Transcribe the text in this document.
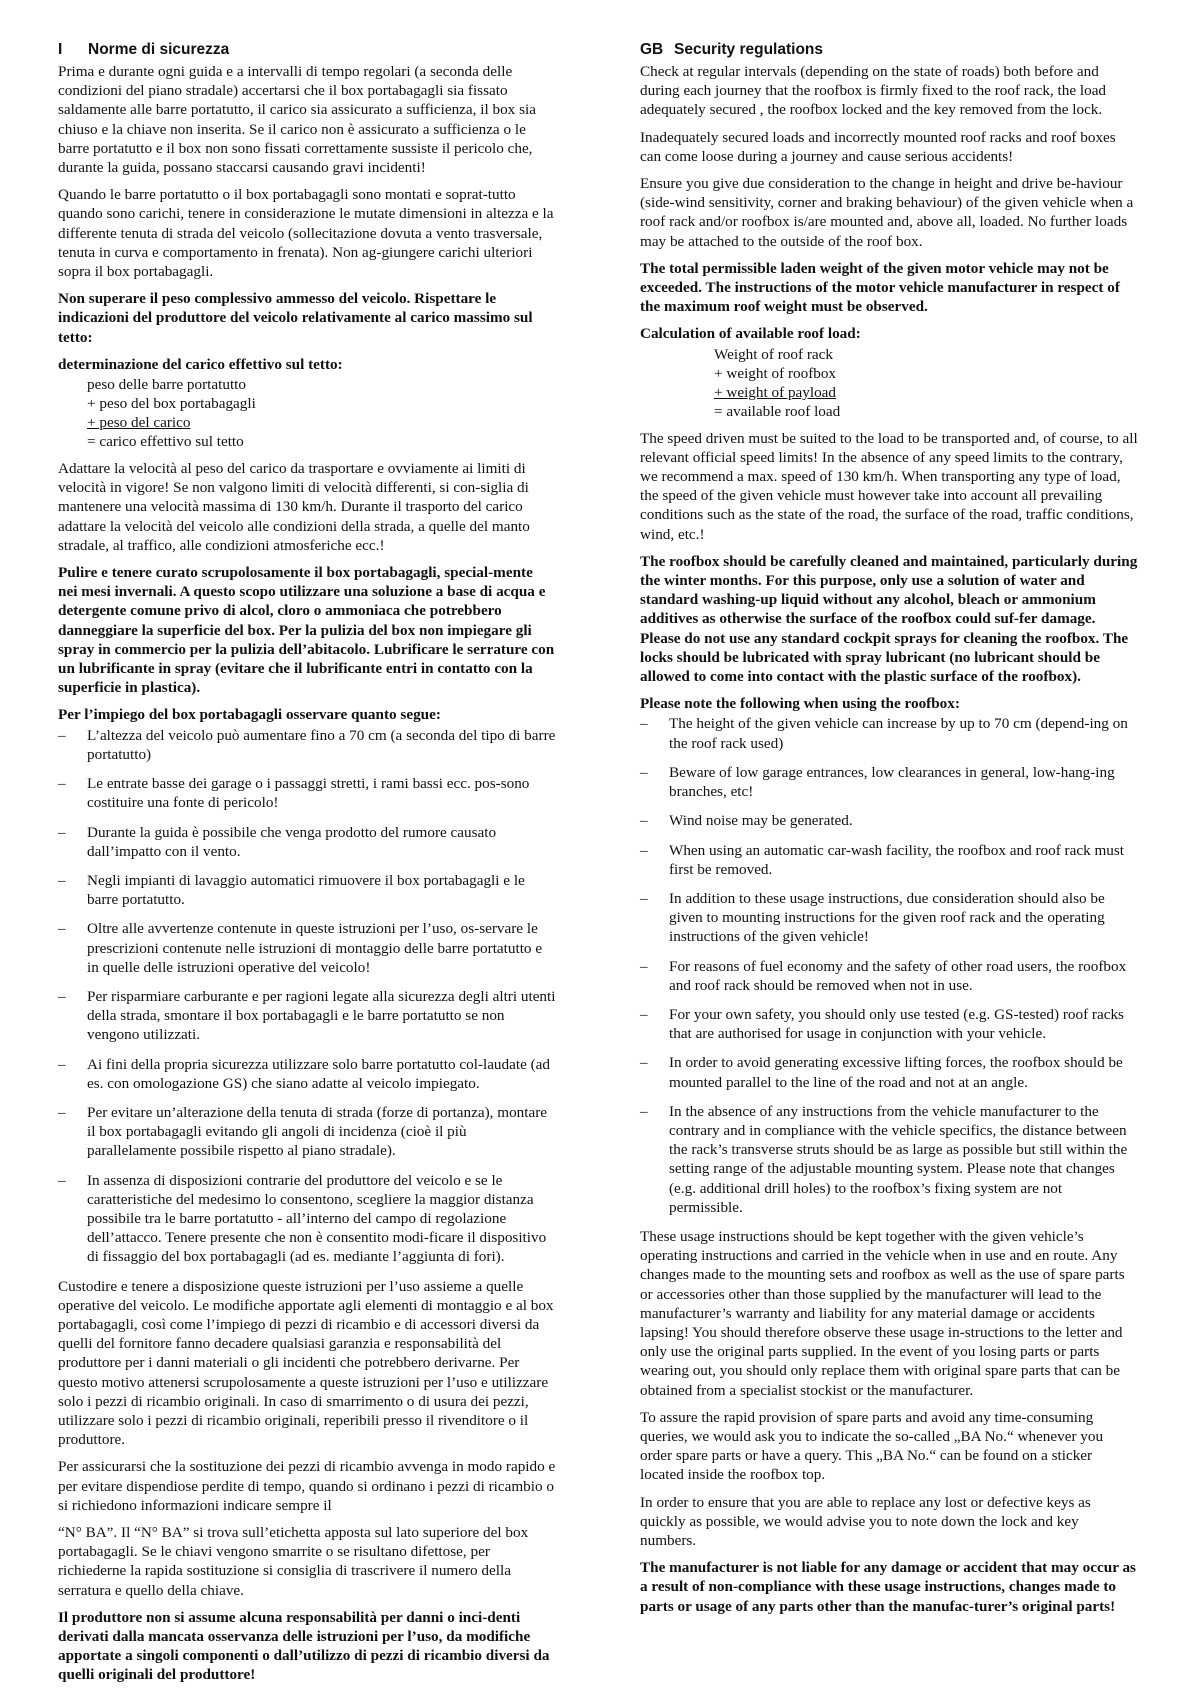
I Norme di sicurezza

Prima e durante ogni guida e a intervalli di tempo regolari (a seconda delle condizioni del piano stradale) accertarsi che il box portabagagli sia fissato saldamente alle barre portatutto, il carico sia assicurato a sufficienza, il box sia chiuso e la chiave non inserita. Se il carico non è assicurato a sufficienza o le barre portatutto e il box non sono fissati correttamente sussiste il pericolo che, durante la guida, possano staccarsi causando gravi incidenti!

Quando le barre portatutto o il box portabagagli sono montati e soprat-tutto quando sono carichi, tenere in considerazione le mutate dimensioni in altezza e la differente tenuta di strada del veicolo (sollecitazione dovuta a vento trasversale, tenuta in curva e comportamento in frenata). Non ag-giungere carichi ulteriori sopra il box portabagagli.

Non superare il peso complessivo ammesso del veicolo. Rispettare le indicazioni del produttore del veicolo relativamente al carico massimo sul tetto:

determinazione del carico effettivo sul tetto:

peso delle barre portatutto
+ peso del box portabagagli
+ peso del carico
= carico effettivo sul tetto

Adattare la velocità al peso del carico da trasportare e ovviamente ai limiti di velocità in vigore! Se non valgono limiti di velocità differenti, si con-siglia di mantenere una velocità massima di 130 km/h. Durante il trasporto del carico adattare la velocità del veicolo alle condizioni della strada, a quelle del manto stradale, al traffico, alle condizioni atmosferiche ecc.!

Pulire e tenere curato scrupolosamente il box portabagagli, special-mente nei mesi invernali. A questo scopo utilizzare una soluzione a base di acqua e detergente comune privo di alcol, cloro o ammoniaca che potrebbero danneggiare la superficie del box. Per la pulizia del box non impiegare gli spray in commercio per la pulizia dell’abitacolo. Lubrificare le serrature con un lubrificante in spray (evitare che il lubrificante entri in contatto con la superficie in plastica).

Per l’impiego del box portabagagli osservare quanto segue:

– L’altezza del veicolo può aumentare fino a 70 cm (a seconda del tipo di barre portatutto)
– Le entrate basse dei garage o i passaggi stretti, i rami bassi ecc. pos-sono costituire una fonte di pericolo!
– Durante la guida è possibile che venga prodotto del rumore causato dall’impatto con il vento.
– Negli impianti di lavaggio automatici rimuovere il box portabagagli e le barre portatutto.
– Oltre alle avvertenze contenute in queste istruzioni per l’uso, os-servare le prescrizioni contenute nelle istruzioni di montaggio delle barre portatutto e in quelle delle istruzioni operative del veicolo!
– Per risparmiare carburante e per ragioni legate alla sicurezza degli altri utenti della strada, smontare il box portabagagli e le barre portatutto se non vengono utilizzati.
– Ai fini della propria sicurezza utilizzare solo barre portatutto col-laudate (ad es. con omologazione GS) che siano adatte al veicolo impiegato.
– Per evitare un’alterazione della tenuta di strada (forze di portanza), montare il box portabagagli evitando gli angoli di incidenza (cioè il più parallelamente possibile rispetto al piano stradale).
– In assenza di disposizioni contrarie del produttore del veicolo e se le caratteristiche del medesimo lo consentono, scegliere la maggior distanza possibile tra le barre portatutto - all’interno del campo di regolazione dell’attacco. Tenere presente che non è consentito modi-ficare il dispositivo di fissaggio del box portabagagli (ad es. mediante l’aggiunta di fori).

Custodire e tenere a disposizione queste istruzioni per l’uso assieme a quelle operative del veicolo. Le modifiche apportate agli elementi di montaggio e al box portabagagli, così come l’impiego di pezzi di ricambio e di accessori diversi da quelli del fornitore fanno decadere qualsiasi garanzia e responsabilità del produttore per i danni materiali o gli incidenti che potrebbero derivarne. Per questo motivo attenersi scrupolosamente a queste istruzioni per l’uso e utilizzare solo i pezzi di ricambio originali. In caso di smarrimento o di usura dei pezzi, utilizzare solo i pezzi di ricambio originali, reperibili presso il rivenditore o il produttore.

Per assicurarsi che la sostituzione dei pezzi di ricambio avvenga in modo rapido e per evitare dispendiose perdite di tempo, quando si ordinano i pezzi di ricambio o si richiedono informazioni indicare sempre il

“N° BA”. Il “N° BA” si trova sull’etichetta apposta sul lato superiore del box portabagagli. Se le chiavi vengono smarrite o se risultano difettose, per richiederne la rapida sostituzione si consiglia di trascrivere il numero della serratura e quello della chiave.

Il produttore non si assume alcuna responsabilità per danni o inci-denti derivati dalla mancata osservanza delle istruzioni per l’uso, da modifiche apportate a singoli componenti o dall’utilizzo di pezzi di ricambio diversi da quelli originali del produttore!

GB Security regulations

Check at regular intervals (depending on the state of roads) both before and during each journey that the roofbox is firmly fixed to the roof rack, the load adequately secured , the roofbox locked and the key removed from the lock.

Inadequately secured loads and incorrectly mounted roof racks and roof boxes can come loose during a journey and cause serious accidents!

Ensure you give due consideration to the change in height and drive be-haviour (side-wind sensitivity, corner and braking behaviour) of the given vehicle when a roof rack and/or roofbox is/are mounted and, above all, loaded. No further loads may be attached to the outside of the roof box.

The total permissible laden weight of the given motor vehicle may not be exceeded. The instructions of the motor vehicle manufacturer in respect of the maximum roof weight must be observed.

Calculation of available roof load:

Weight of roof rack
+ weight of roofbox
+ weight of payload
= available roof load

The speed driven must be suited to the load to be transported and, of course, to all relevant official speed limits! In the absence of any speed limits to the contrary, we recommend a max. speed of 130 km/h. When transporting any type of load, the speed of the given vehicle must however take into account all prevailing conditions such as the state of the road, the surface of the road, traffic conditions, wind, etc.!

The roofbox should be carefully cleaned and maintained, particularly during the winter months. For this purpose, only use a solution of water and standard washing-up liquid without any alcohol, bleach or ammonium additives as otherwise the surface of the roofbox could suf-fer damage. Please do not use any standard cockpit sprays for cleaning the roofbox. The locks should be lubricated with spray lubricant (no lubricant should be allowed to come into contact with the plastic surface of the roofbox).

Please note the following when using the roofbox:

– The height of the given vehicle can increase by up to 70 cm (depend-ing on the roof rack used)
– Beware of low garage entrances, low clearances in general, low-hang-ing branches, etc!
– Wind noise may be generated.
– When using an automatic car-wash facility, the roofbox and roof rack must first be removed.
– In addition to these usage instructions, due consideration should also be given to mounting instructions for the given roof rack and the operating instructions of the given vehicle!
– For reasons of fuel economy and the safety of other road users, the roofbox and roof rack should be removed when not in use.
– For your own safety, you should only use tested (e.g. GS-tested) roof racks that are authorised for usage in conjunction with your vehicle.
– In order to avoid generating excessive lifting forces, the roofbox should be mounted parallel to the line of the road and not at an angle.
– In the absence of any instructions from the vehicle manufacturer to the contrary and in compliance with the vehicle specifics, the distance between the rack’s transverse struts should be as large as possible but still within the setting range of the adjustable mounting system. Please note that changes (e.g. additional drill holes) to the roofbox’s fixing system are not permissible.

These usage instructions should be kept together with the given vehicle’s operating instructions and carried in the vehicle when in use and en route. Any changes made to the mounting sets and roofbox as well as the use of spare parts or accessories other than those supplied by the manufacturer will lead to the manufacturer’s warranty and liability for any material damage or accidents lapsing! You should therefore observe these usage in-structions to the letter and only use the original parts supplied. In the event of you losing parts or parts wearing out, you should only replace them with original spare parts that can be obtained from a specialist stockist or the manufacturer.

To assure the rapid provision of spare parts and avoid any time-consuming queries, we would ask you to indicate the so-called „BA No.“ whenever you order spare parts or have a query. This „BA No.“ can be found on a sticker located inside the roofbox top.

In order to ensure that you are able to replace any lost or defective keys as quickly as possible, we would advise you to note down the lock and key numbers.

The manufacturer is not liable for any damage or accident that may occur as a result of non-compliance with these usage instructions, changes made to parts or usage of any parts other than the manufac-turer’s original parts!
